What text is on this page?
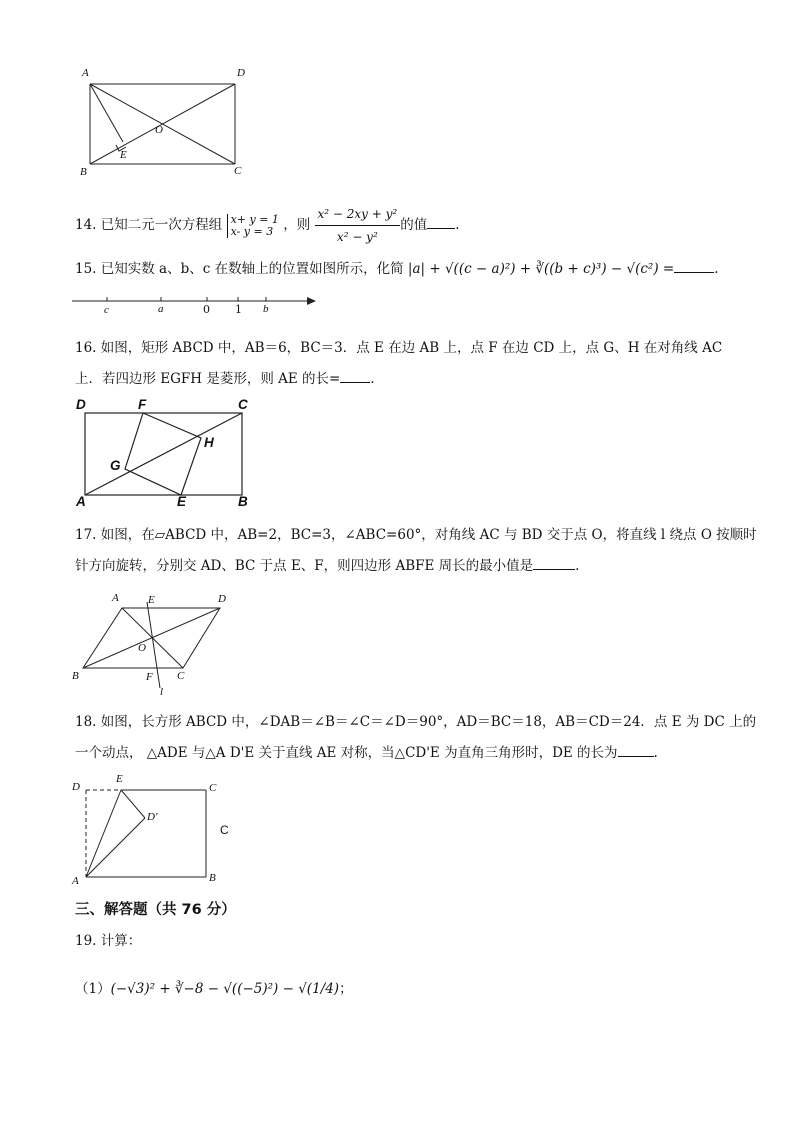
A	D
B	C
O
E
14. 已知二元一次方程组 x+ y = 1
x- y = 3 ，则 $\frac{\text{x² − 2xy + y²}}{\text{x² − y²}}$ 的值 .
15. 已知实数 a、b、c 在数轴上的位置如图所示，化简 |a| + √((c − a)²) + ∛((b + c)³) − √(c²) =	.
c	a	0 1 b
16. 如图，矩形 ABCD 中，AB＝6，BC＝3．点 E 在边 AB 上，点 F 在边 CD 上，点 G、H 在对角线 AC
上．若四边形 EGFH 是菱形，则 AE 的长= ．
D	F	C
H
G
A	E	B
17. 如图，在▱ABCD 中，AB=2，BC=3，∠ABC=60°，对角线 AC 与 BD 交于点 O，将直线 l 绕点 O 按顺时
针方向旋转，分别交 AD、BC 于点 E、F，则四边形 ABFE 周长的最小值是	.
A	E	D
O
B	F C
l
18. 如图，长方形 ABCD 中，∠DAB＝∠B＝∠C＝∠D＝90°，AD＝BC＝18，AB＝CD＝24．点 E 为 DC 上的
一个动点， △ADE 与△A D'E 关于直线 AE 对称，当△CD'E 为直角三角形时，DE 的长为	.
D
E
C
D'
C
A	B
三、解答题（共 76 分）
19. 计算：
（1）(−√3)² + ∛−8 − √((−5)²) − √(1/4)；
